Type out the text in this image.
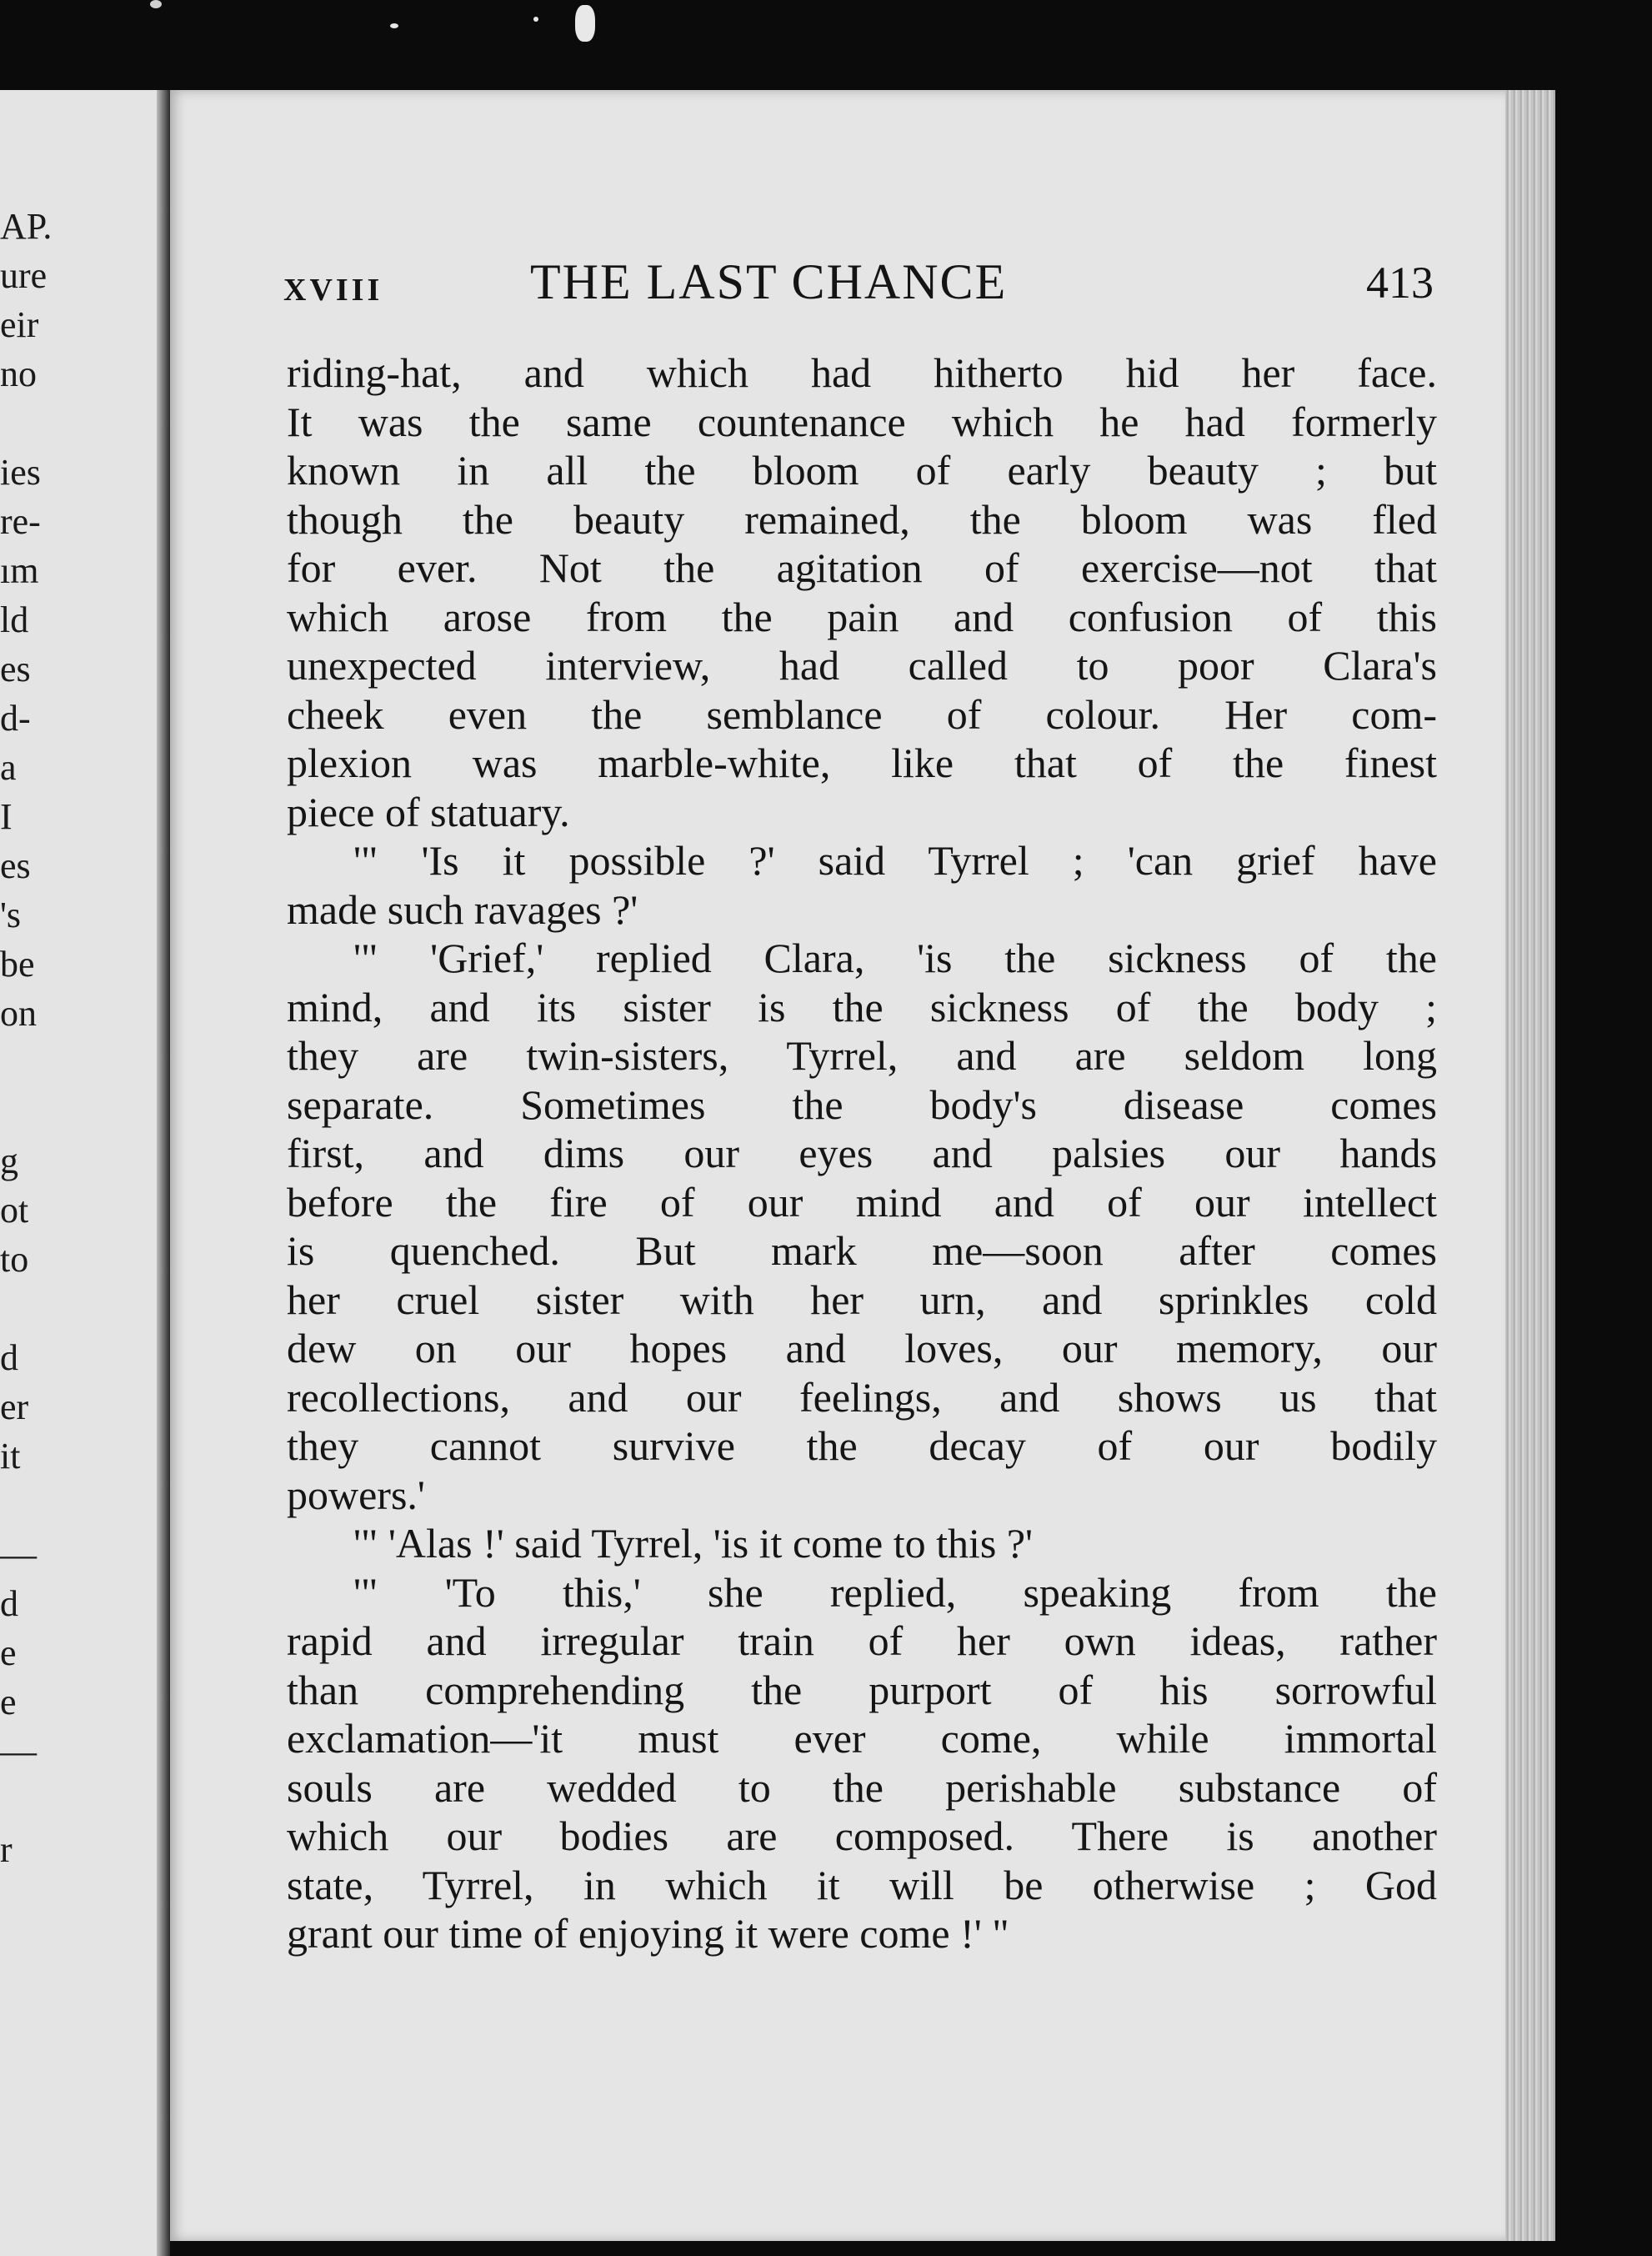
AP.
ure
eir
no
ies
re-
ım
ld
es
d-
a
I
es
's
be
on
g
ot
to
d
er
it
—
d
e
e
—
r
XVIII	THE LAST CHANCE	413
riding-hat, and which had hitherto hid her face.
It was the same countenance which he had formerly
known in all the bloom of early beauty ; but
though the beauty remained, the bloom was fled
for ever. Not the agitation of exercise—not that
which arose from the pain and confusion of this
unexpected interview, had called to poor Clara's
cheek even the semblance of colour. Her com-
plexion was marble-white, like that of the finest
piece of statuary.
'" 'Is it possible ?' said Tyrrel ; 'can grief have
made such ravages ?'
'" 'Grief,' replied Clara, 'is the sickness of the
mind, and its sister is the sickness of the body ;
they are twin-sisters, Tyrrel, and are seldom long
separate. Sometimes the body's disease comes
first, and dims our eyes and palsies our hands
before the fire of our mind and of our intellect
is quenched. But mark me—soon after comes
her cruel sister with her urn, and sprinkles cold
dew on our hopes and loves, our memory, our
recollections, and our feelings, and shows us that
they cannot survive the decay of our bodily
powers.'
'" 'Alas !' said Tyrrel, 'is it come to this ?'
'" 'To this,' she replied, speaking from the
rapid and irregular train of her own ideas, rather
than comprehending the purport of his sorrowful
exclamation—'it must ever come, while immortal
souls are wedded to the perishable substance of
which our bodies are composed. There is another
state, Tyrrel, in which it will be otherwise ; God
grant our time of enjoying it were come !' "
